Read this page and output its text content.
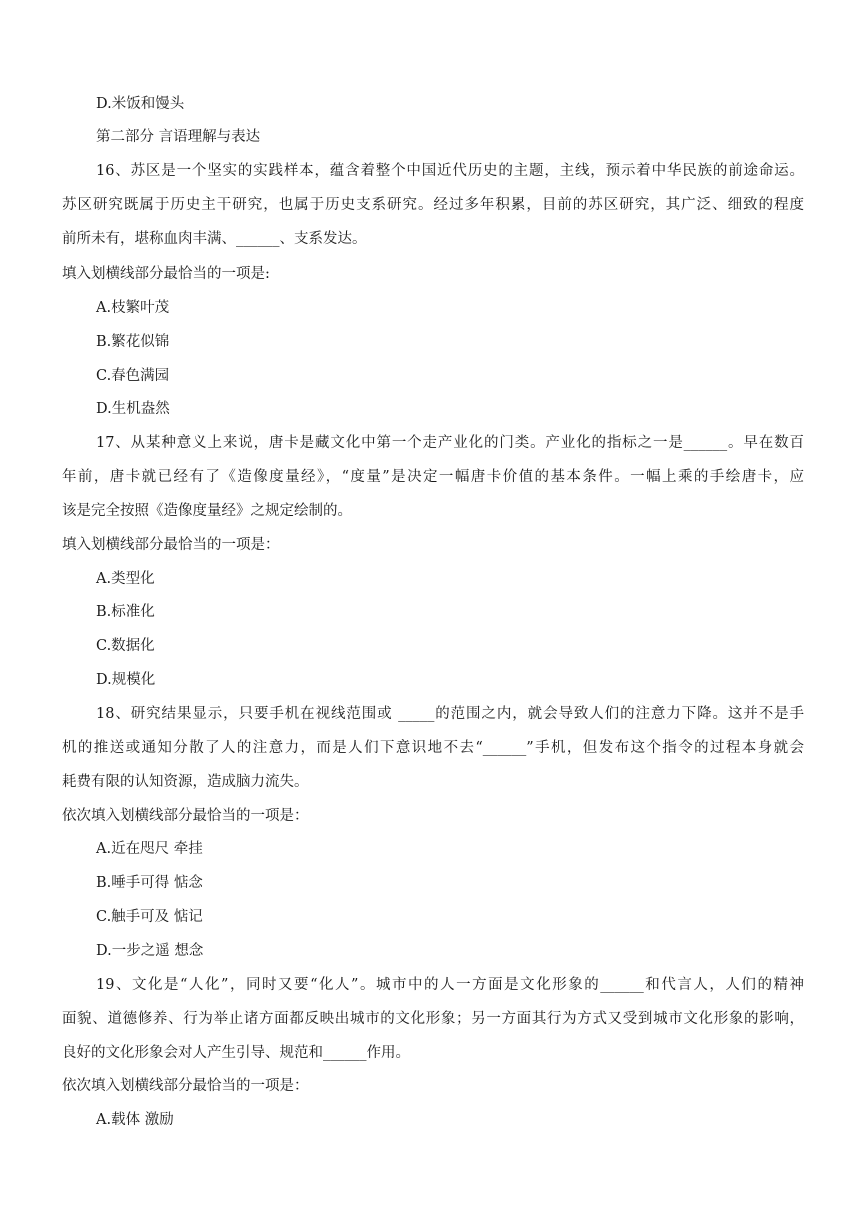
D.米饭和馒头
第二部分 言语理解与表达
16、苏区是一个坚实的实践样本，蕴含着整个中国近代历史的主题，主线，预示着中华民族的前途命运。
苏区研究既属于历史主干研究，也属于历史支系研究。经过多年积累，目前的苏区研究，其广泛、细致的程度
前所未有，堪称血肉丰满、______、支系发达。
填入划横线部分最恰当的一项是:
A.枝繁叶茂
B.繁花似锦
C.春色满园
D.生机盎然
17、从某种意义上来说，唐卡是藏文化中第一个走产业化的门类。产业化的指标之一是______。早在数百
年前，唐卡就已经有了《造像度量经》，“度量”是决定一幅唐卡价值的基本条件。一幅上乘的手绘唐卡，应
该是完全按照《造像度量经》之规定绘制的。
填入划横线部分最恰当的一项是：
A.类型化
B.标准化
C.数据化
D.规模化
18、研究结果显示，只要手机在视线范围或 _____的范围之内，就会导致人们的注意力下降。这并不是手
机的推送或通知分散了人的注意力，而是人们下意识地不去“______”手机，但发布这个指令的过程本身就会
耗费有限的认知资源，造成脑力流失。
依次填入划横线部分最恰当的一项是：
A.近在咫尺 牵挂
B.唾手可得 惦念
C.触手可及 惦记
D.一步之遥 想念
19、文化是“人化”，同时又要“化人”。城市中的人一方面是文化形象的______和代言人，人们的精神
面貌、道德修养、行为举止诸方面都反映出城市的文化形象；另一方面其行为方式又受到城市文化形象的影响，
良好的文化形象会对人产生引导、规范和______作用。
依次填入划横线部分最恰当的一项是：
A.载体 激励
